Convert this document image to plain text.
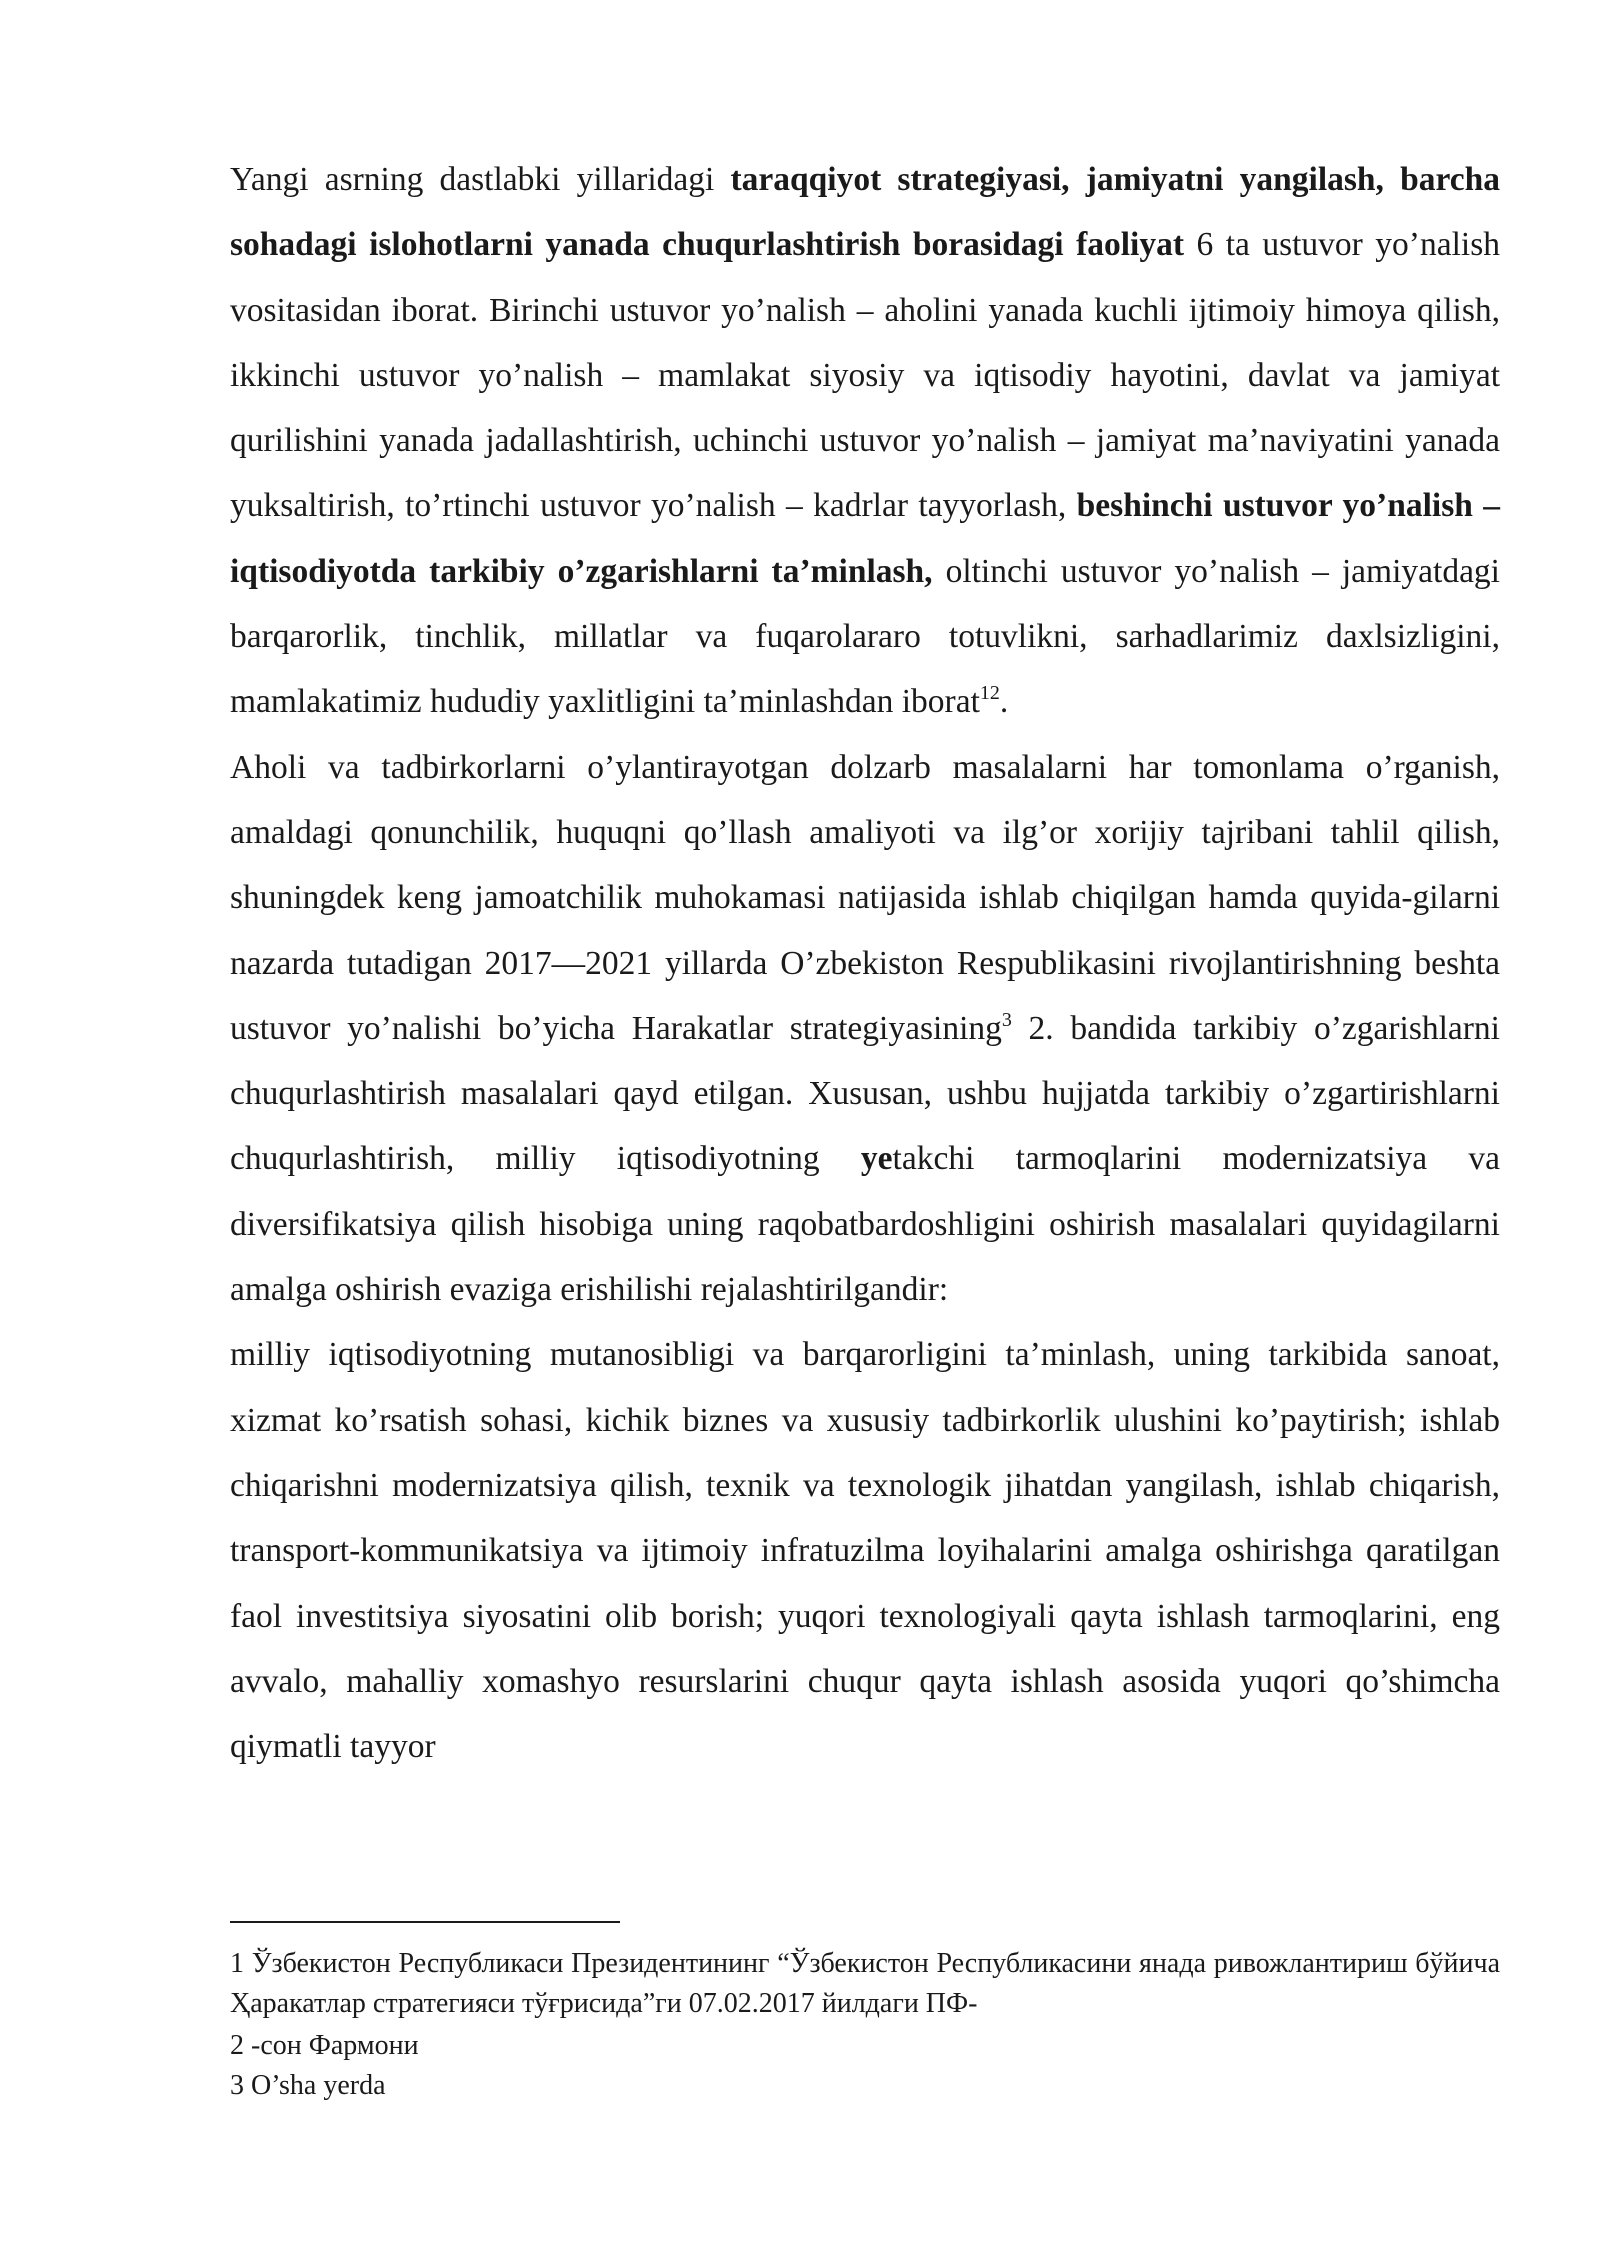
Yangi asrning dastlabki yillaridagi taraqqiyot strategiyasi, jamiyatni yangilash, barcha sohadagi islohotlarni yanada chuqurlashtirish borasidagi faoliyat 6 ta ustuvor yo’nalish vositasidan iborat. Birinchi ustuvor yo’nalish – aholini yanada kuchli ijtimoiy himoya qilish, ikkinchi ustuvor yo’nalish – mamlakat siyosiy va iqtisodiy hayotini, davlat va jamiyat qurilishini yanada jadallashtirish, uchinchi ustuvor yo’nalish – jamiyat ma’naviyatini yanada yuksaltirish, to’rtinchi ustuvor yo’nalish – kadrlar tayyorlash, beshinchi ustuvor yo’nalish – iqtisodiyotda tarkibiy o’zgarishlarni ta’minlash, oltinchi ustuvor yo’nalish – jamiyatdagi barqarorlik, tinchlik, millatlar va fuqarolararo totuvlikni, sarhadlarimiz daxlsizligini, mamlakatimiz hududiy yaxlitligini ta’minlashdan iborat$^{12}$.

Aholi va tadbirkorlarni o’ylantirayotgan dolzarb masalalarni har tomonlama o’rganish, amaldagi qonunchilik, huquqni qo’llash amaliyoti va ilg’or xorijiy tajribani tahlil qilish, shuningdek keng jamoatchilik muhokamasi natijasida ishlab chiqilgan hamda quyida-gilarni nazarda tutadigan 2017—2021 yillarda O’zbekiston Respublikasini rivojlantirishning beshta ustuvor yo’nalishi bo’yicha Harakatlar strategiyasining$^3$ 2. bandida tarkibiy o’zgarishlarni chuqurlashtirish masalalari qayd etilgan. Xususan, ushbu hujjatda tarkibiy o’zgartirishlarni chuqurlashtirish, milliy iqtisodiyotning yetakchi tarmoqlarini modernizatsiya va diversifikatsiya qilish hisobiga uning raqobatbardoshligini oshirish masalalari quyidagilarni amalga oshirish evaziga erishilishi rejalashtirilgandir:

milliy iqtisodiyotning mutanosibligi va barqarorligini ta’minlash, uning tarkibida sanoat, xizmat ko’rsatish sohasi, kichik biznes va xususiy tadbirkorlik ulushini ko’paytirish; ishlab chiqarishni modernizatsiya qilish, texnik va texnologik jihatdan yangilash, ishlab chiqarish, transport-kommunikatsiya va ijtimoiy infratuzilma loyihalarini amalga oshirishga qaratilgan faol investitsiya siyosatini olib borish; yuqori texnologiyali qayta ishlash tarmoqlarini, eng avvalo, mahalliy xomashyo resurslarini chuqur qayta ishlash asosida yuqori qo’shimcha qiymatli tayyor

1 Ўзбекистон Республикаси Президентининг “Ўзбекистон Республикасини янада ривожлантириш бўйича Ҳаракатлар стратегияси тўғрисида”ги 07.02.2017 йилдаги ПФ-

2 -сон Фармони

3 O’sha yerda
